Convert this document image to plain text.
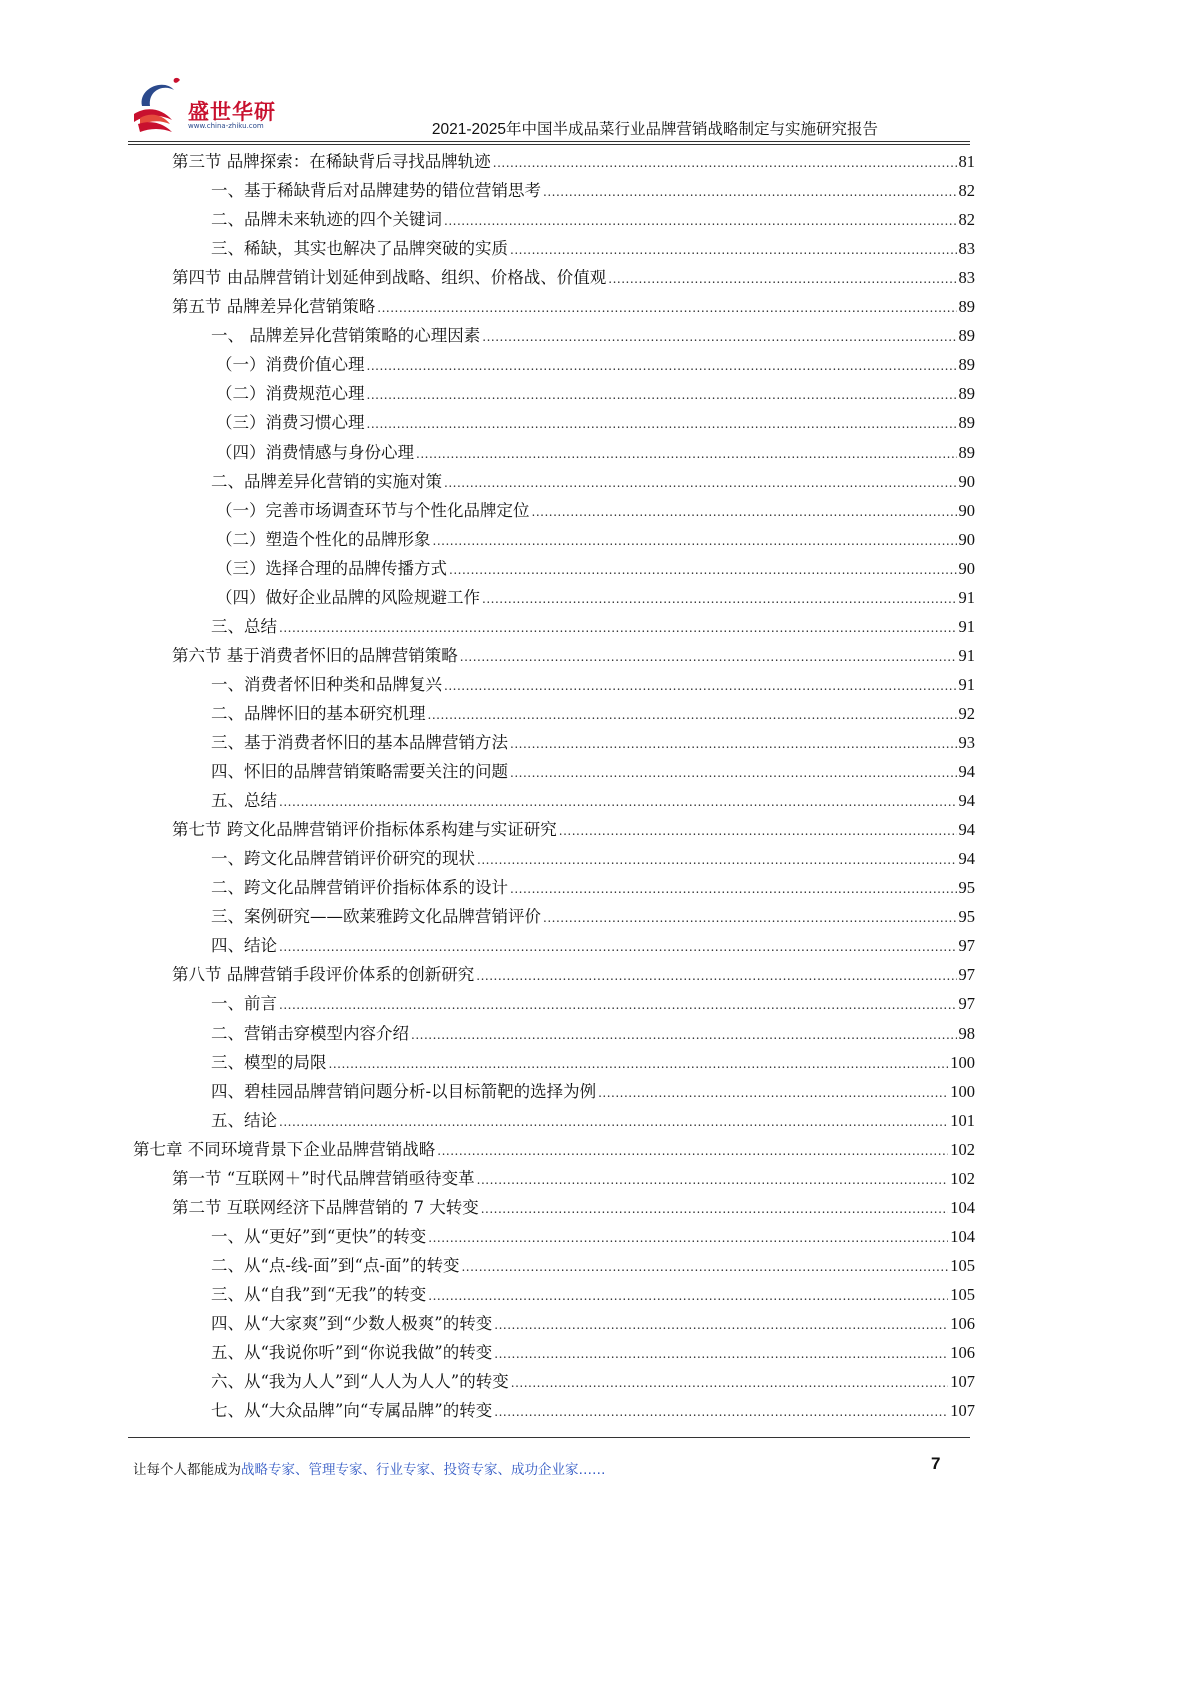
盛世华研
www.china-zhiku.com	2021-2025年中国半成品菜行业品牌营销战略制定与实施研究报告
第三节 品牌探索：在稀缺背后寻找品牌轨迹 .....	81
一、基于稀缺背后对品牌建势的错位营销思考 .....	82
二、品牌未来轨迹的四个关键词 .....	82
三、稀缺，其实也解决了品牌突破的实质 .....	83
第四节 由品牌营销计划延伸到战略、组织、价格战、价值观 .....	83
第五节 品牌差异化营销策略 .....	89
一、 品牌差异化营销策略的心理因素 .....	89
（一）消费价值心理 .....	89
（二）消费规范心理 .....	89
（三）消费习惯心理 .....	89
（四）消费情感与身份心理 .....	89
二、品牌差异化营销的实施对策 .....	90
（一）完善市场调查环节与个性化品牌定位 .....	90
（二）塑造个性化的品牌形象 .....	90
（三）选择合理的品牌传播方式 .....	90
（四）做好企业品牌的风险规避工作 .....	91
三、总结 .....	91
第六节 基于消费者怀旧的品牌营销策略 .....	91
一、消费者怀旧种类和品牌复兴 .....	91
二、品牌怀旧的基本研究机理 .....	92
三、基于消费者怀旧的基本品牌营销方法 .....	93
四、怀旧的品牌营销策略需要关注的问题 .....	94
五、总结 .....	94
第七节 跨文化品牌营销评价指标体系构建与实证研究 .....	94
一、跨文化品牌营销评价研究的现状 .....	94
二、跨文化品牌营销评价指标体系的设计 .....	95
三、案例研究——欧莱雅跨文化品牌营销评价 .....	95
四、结论 .....	97
第八节 品牌营销手段评价体系的创新研究 .....	97
一、前言 .....	97
二、营销击穿模型内容介绍 .....	98
三、模型的局限 .....	100
四、碧桂园品牌营销问题分析-以目标箭靶的选择为例 .....	100
五、结论 .....	101
第七章 不同环境背景下企业品牌营销战略 .....	102
第一节 “互联网＋”时代品牌营销亟待变革 .....	102
第二节 互联网经济下品牌营销的 7 大转变 .....	104
一、从“更好”到“更快”的转变 .....	104
二、从“点-线-面”到“点-面”的转变 .....	105
三、从“自我”到“无我”的转变 .....	105
四、从“大家爽”到“少数人极爽”的转变 .....	106
五、从“我说你听”到“你说我做”的转变 .....	106
六、从“我为人人”到“人人为人人”的转变 .....	107
七、从“大众品牌”向“专属品牌”的转变 .....	107
让每个人都能成为战略专家、管理专家、行业专家、投资专家、成功企业家……	7
